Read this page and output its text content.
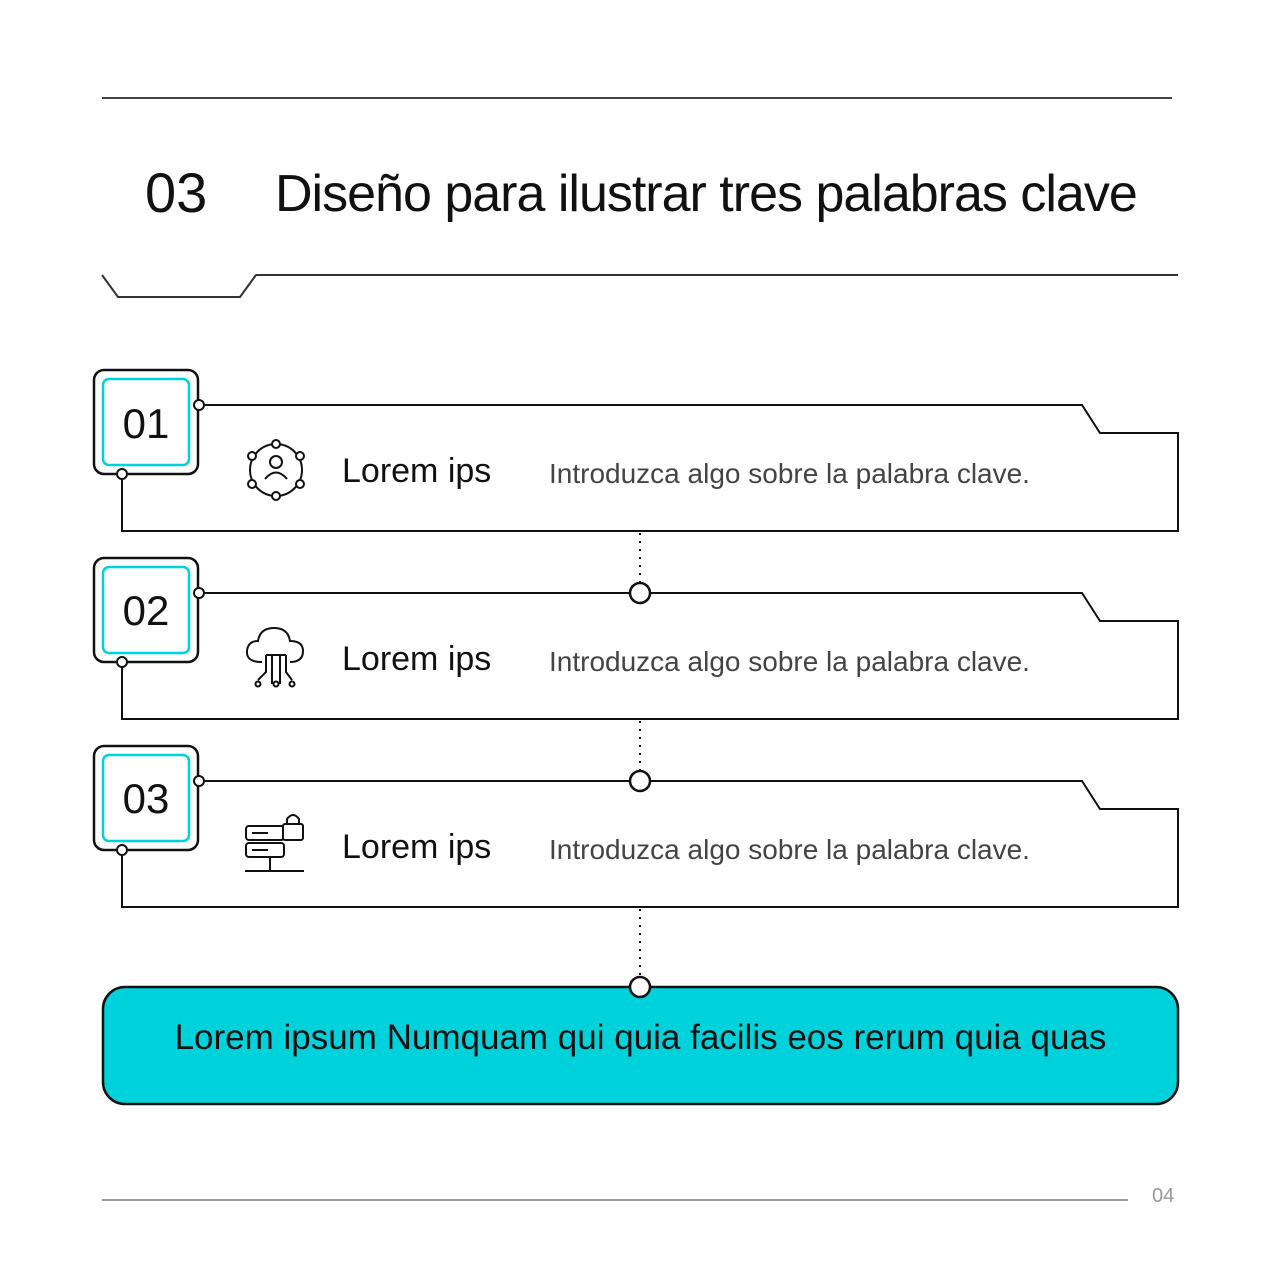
03 Diseño para ilustrar tres palabras clave
01
Lorem ips Introduzca algo sobre la palabra clave.
02
Lorem ips Introduzca algo sobre la palabra clave.
03
Lorem ips Introduzca algo sobre la palabra clave.
Lorem ipsum Numquam qui quia facilis eos rerum quia quas
04
